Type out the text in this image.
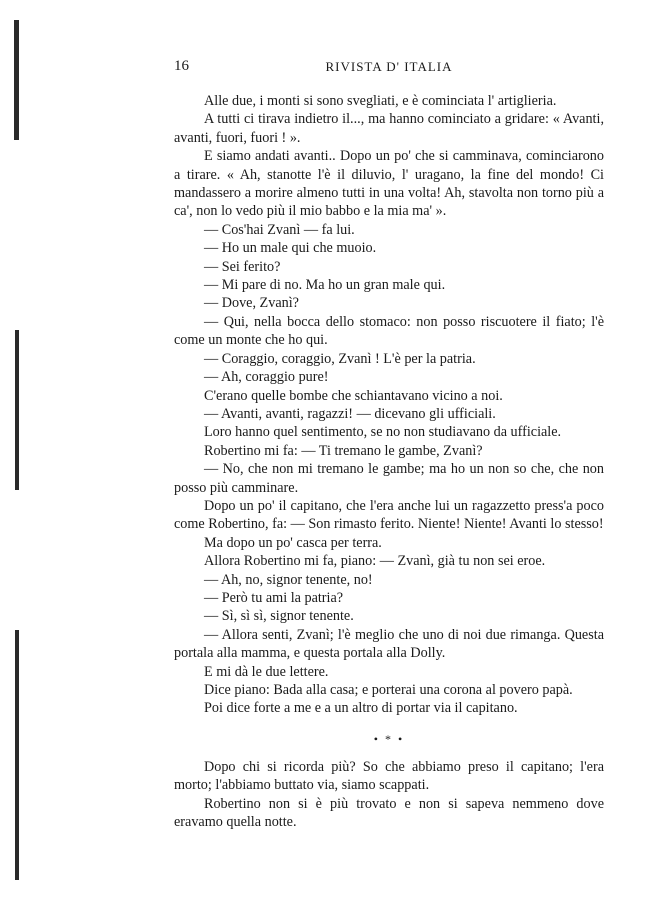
16	RIVISTA D' ITALIA

Alle due, i monti si sono svegliati, e è cominciata l' artiglieria.

A tutti ci tirava indietro il..., ma hanno cominciato a gridare: « Avanti, avanti, fuori, fuori ! ».

E siamo andati avanti.. Dopo un po' che si camminava, cominciarono a tirare. « Ah, stanotte l'è il diluvio, l' uragano, la fine del mondo! Ci mandassero a morire almeno tutti in una volta! Ah, stavolta non torno più a ca', non lo vedo più il mio babbo e la mia ma' ».

— Cos'hai Zvanì — fa lui.

— Ho un male qui che muoio.

— Sei ferito?

— Mi pare di no. Ma ho un gran male qui.

— Dove, Zvanì?

— Qui, nella bocca dello stomaco: non posso riscuotere il fiato; l'è come un monte che ho qui.

— Coraggio, coraggio, Zvanì ! L'è per la patria.

— Ah, coraggio pure!

C'erano quelle bombe che schiantavano vicino a noi.

— Avanti, avanti, ragazzi! — dicevano gli ufficiali.

Loro hanno quel sentimento, se no non studiavano da ufficiale.

Robertino mi fa: — Ti tremano le gambe, Zvanì?

— No, che non mi tremano le gambe; ma ho un non so che, che non posso più camminare.

Dopo un po' il capitano, che l'era anche lui un ragazzetto press'a poco come Robertino, fa: — Son rimasto ferito. Niente! Niente! Avanti lo stesso!

Ma dopo un po' casca per terra.

Allora Robertino mi fa, piano: — Zvanì, già tu non sei eroe.

— Ah, no, signor tenente, no!

— Però tu ami la patria?

— Sì, sì sì, signor tenente.

— Allora senti, Zvanì; l'è meglio che uno di noi due rimanga. Questa portala alla mamma, e questa portala alla Dolly.

E mi dà le due lettere.

Dice piano: Bada alla casa; e porterai una corona al povero papà.

Poi dice forte a me e a un altro di portar via il capitano.

• * •

Dopo chi si ricorda più? So che abbiamo preso il capitano; l'era morto; l'abbiamo buttato via, siamo scappati.

Robertino non si è più trovato e non si sapeva nemmeno dove eravamo quella notte.
